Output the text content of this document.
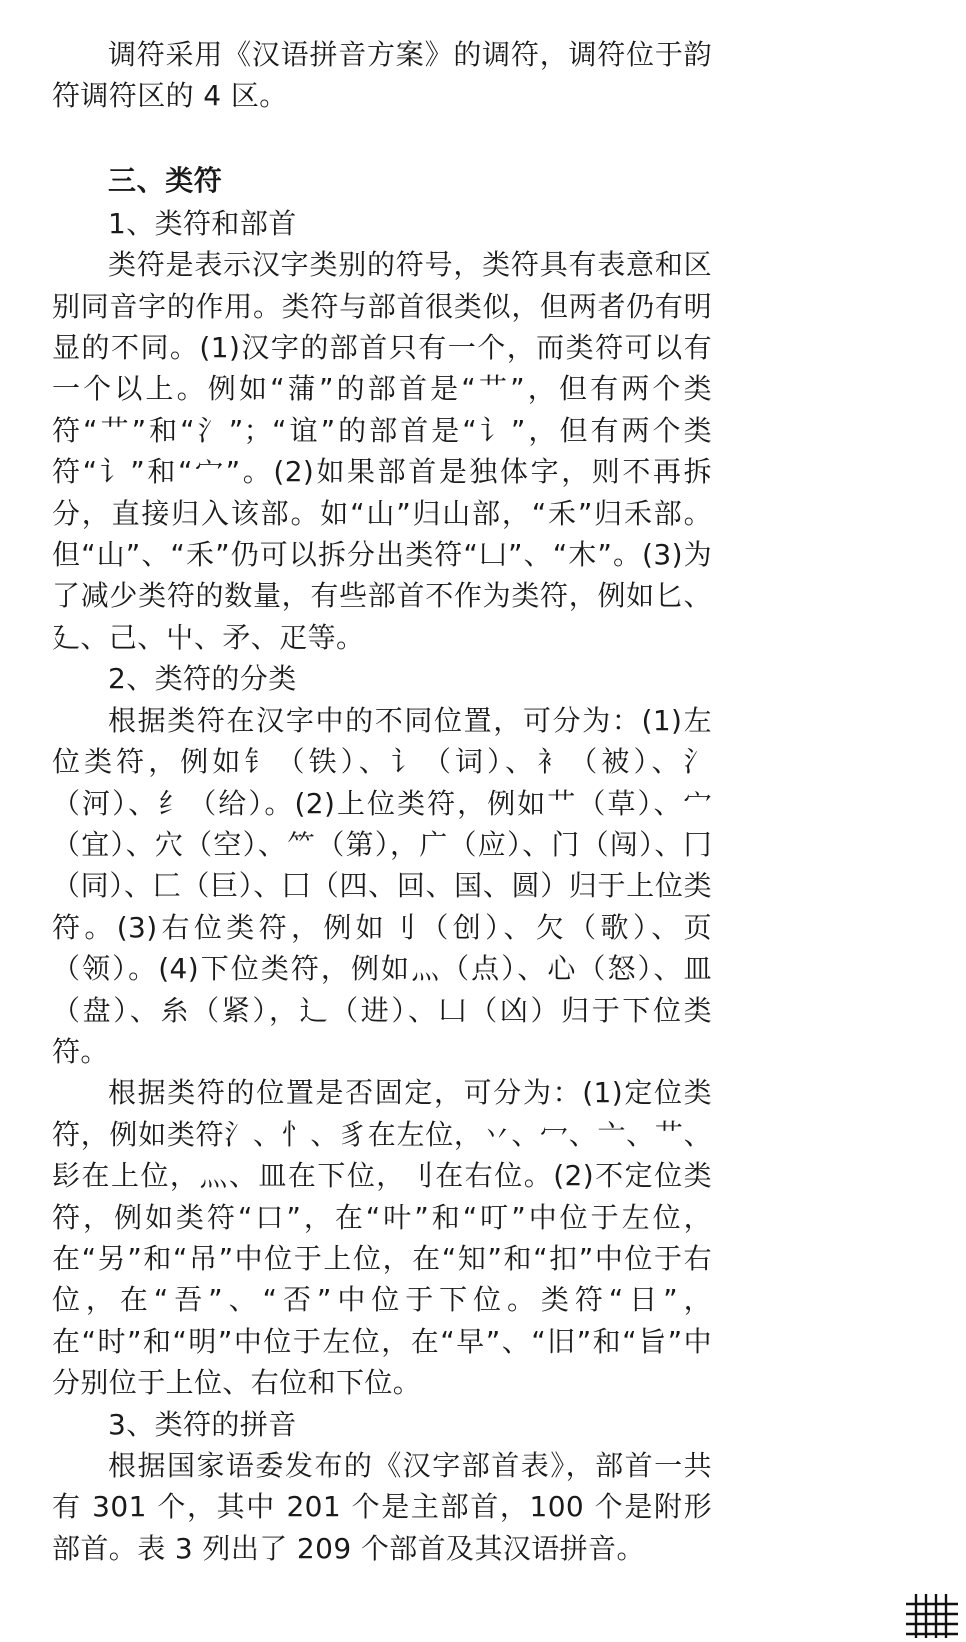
调符采用《汉语拼音方案》的调符，调符位于韵符调符区的 4 区。

三、类符

1、类符和部首

类符是表示汉字类别的符号，类符具有表意和区别同音字的作用。类符与部首很类似，但两者仍有明显的不同。(1)汉字的部首只有一个，而类符可以有一个以上。例如“蒲”的部首是“艹”，但有两个类符“艹”和“氵”；“谊”的部首是“讠”，但有两个类符“讠”和“宀”。(2)如果部首是独体字，则不再拆分，直接归入该部。如“山”归山部，“禾”归禾部。但“山”、“禾”仍可以拆分出类符“凵”、“木”。(3)为了减少类符的数量，有些部首不作为类符，例如匕、廴、己、屮、矛、疋等。

2、类符的分类

根据类符在汉字中的不同位置，可分为：(1)左位类符，例如钅（铁）、讠（词）、衤（被）、氵（河）、纟（给）。(2)上位类符，例如艹（草）、宀（宜）、穴（空）、⺮（第），广（应）、门（闯）、冂（同）、匚（巨）、囗（四、回、国、圆）归于上位类符。(3)右位类符，例如刂（创）、欠（歌）、页（领）。(4)下位类符，例如灬（点）、心（怒）、皿（盘）、糸（紧），辶（进）、凵（凶）归于下位类符。

根据类符的位置是否固定，可分为：(1)定位类符，例如类符氵、忄、豸在左位，丷、冖、亠、艹、髟在上位，灬、皿在下位，刂在右位。(2)不定位类符，例如类符“口”，在“叶”和“叮”中位于左位，在“另”和“吊”中位于上位，在“知”和“扣”中位于右位，在“吾”、“否”中位于下位。类符“日”，在“时”和“明”中位于左位，在“早”、“旧”和“旨”中分别位于上位、右位和下位。

3、类符的拼音

根据国家语委发布的《汉字部首表》，部首一共有 301 个，其中 201 个是主部首，100 个是附形部首。表 3 列出了 209 个部首及其汉语拼音。
